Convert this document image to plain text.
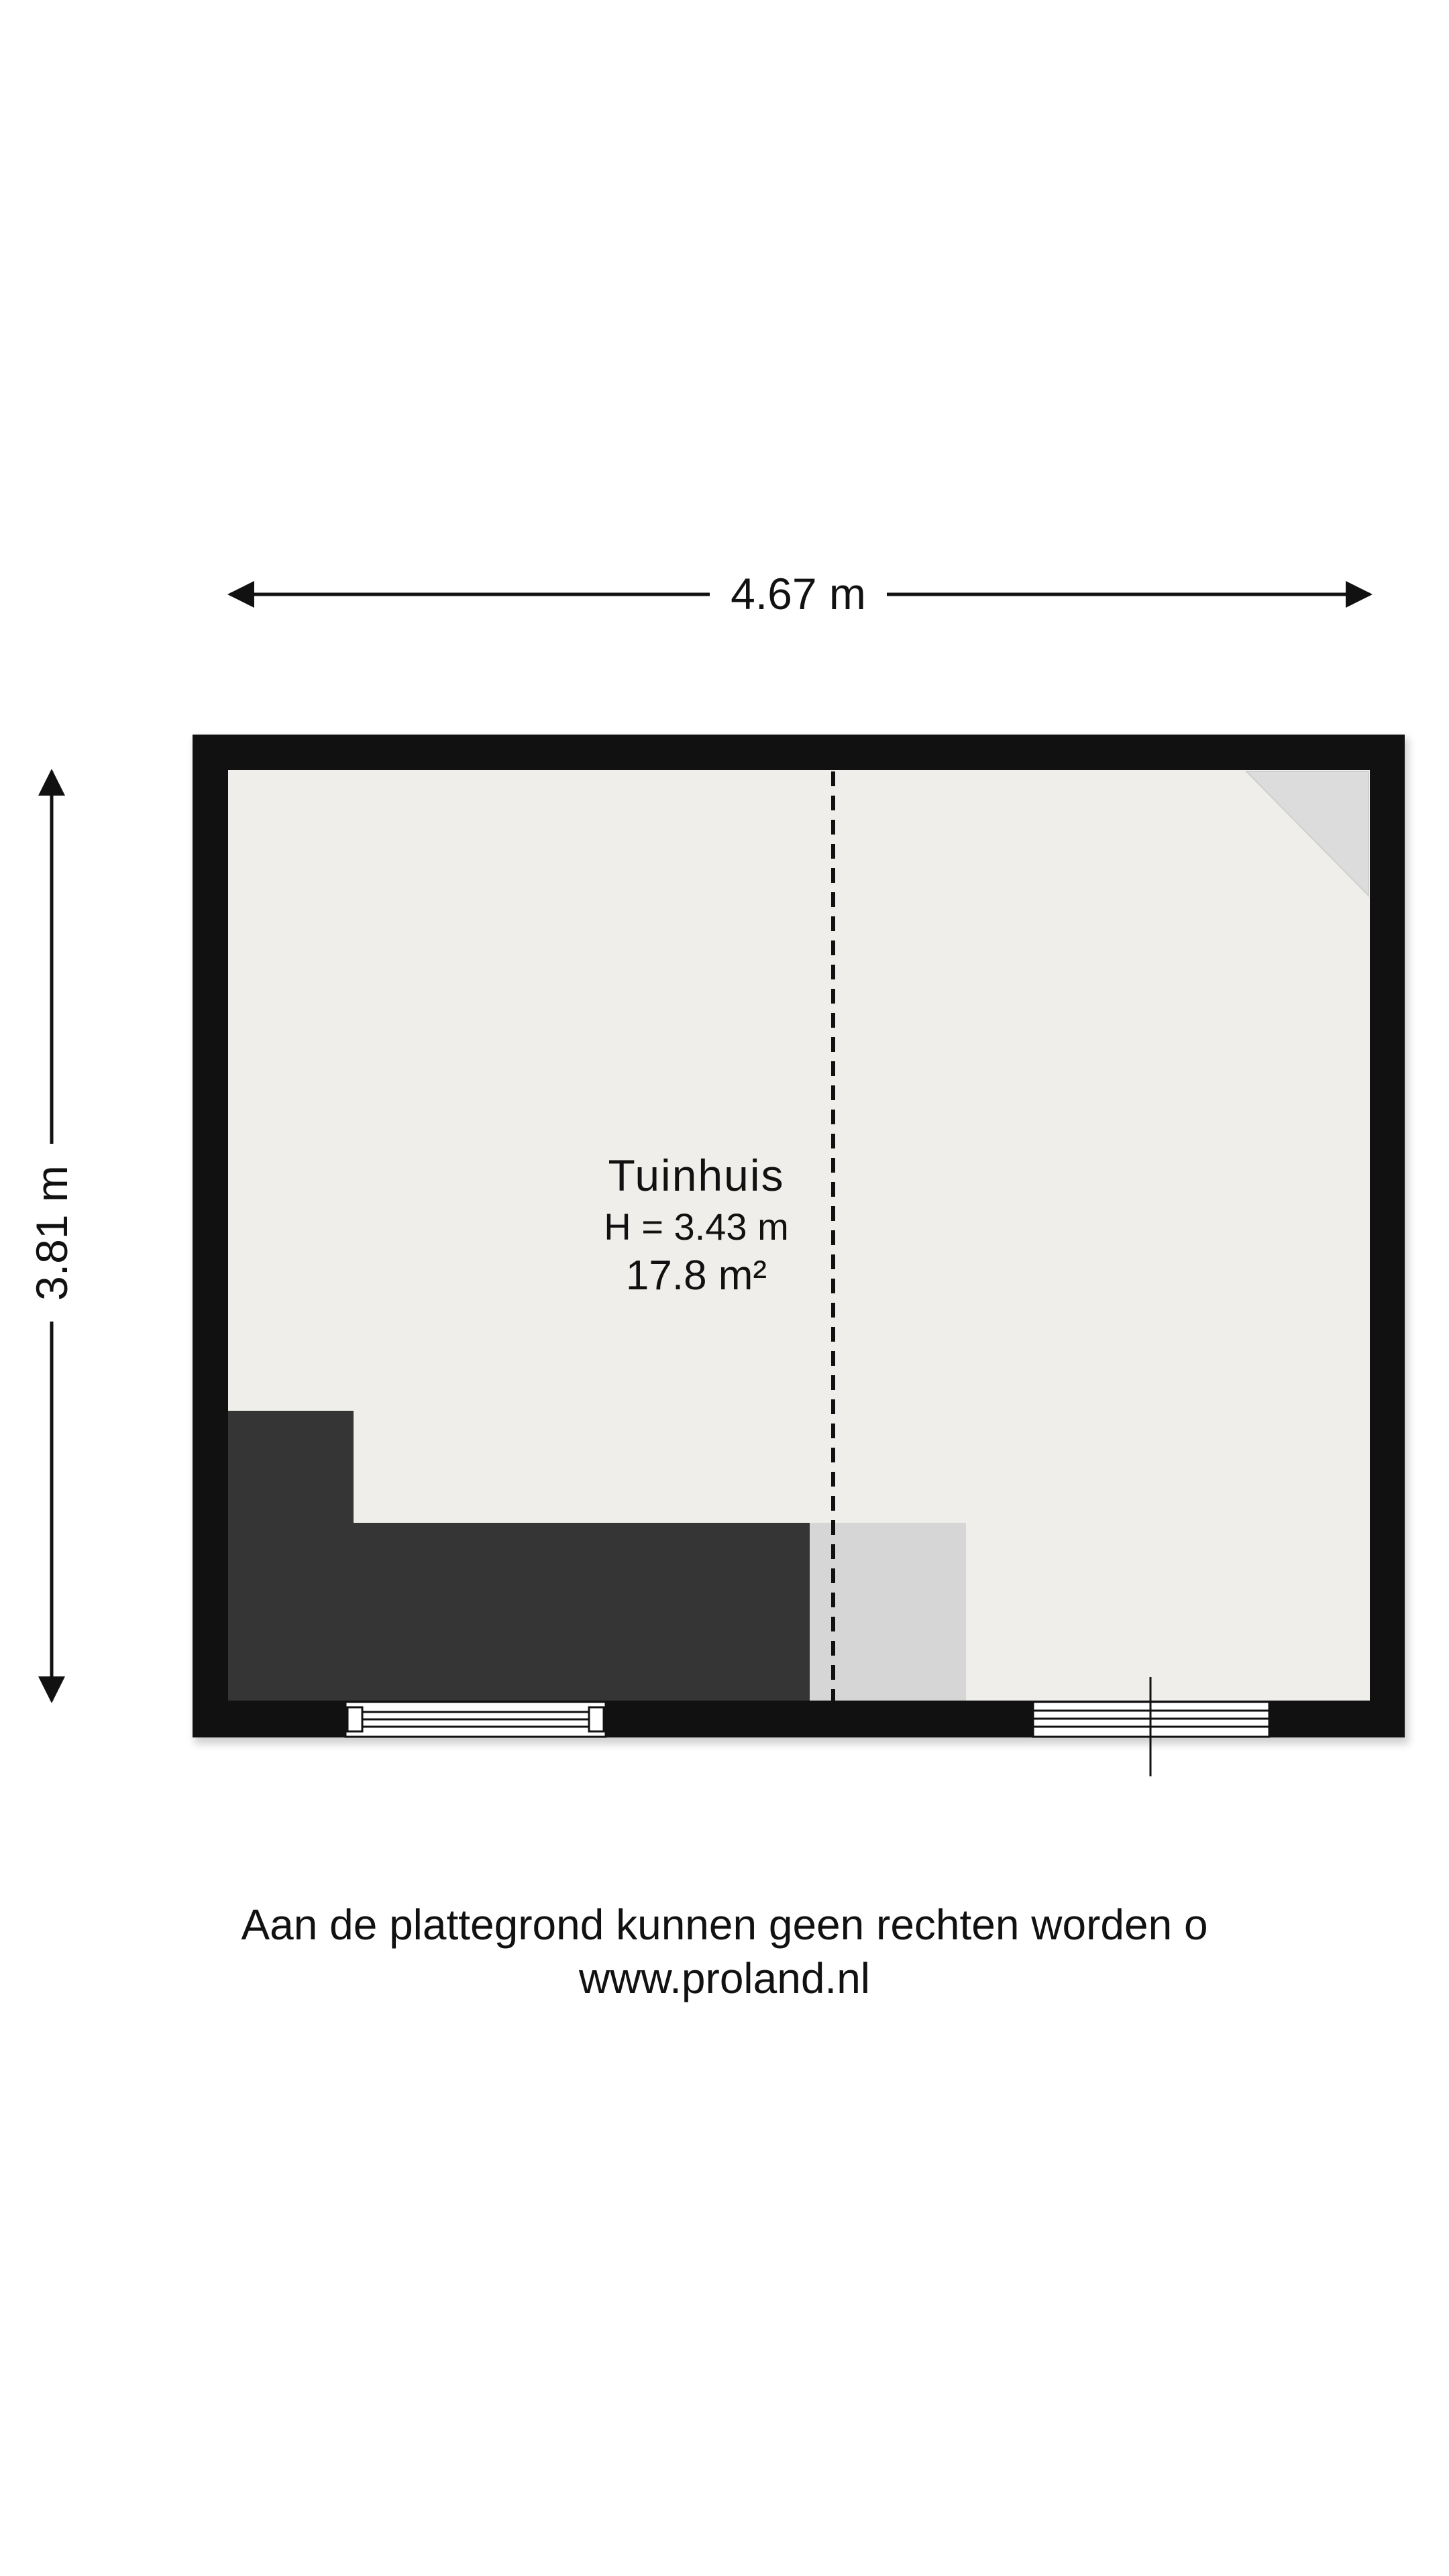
4.67 m
3.81 m	Tuinhuis
H = 3.43 m
17.8 m²
Aan de plattegrond kunnen geen rechten worden o
www.proland.nl
